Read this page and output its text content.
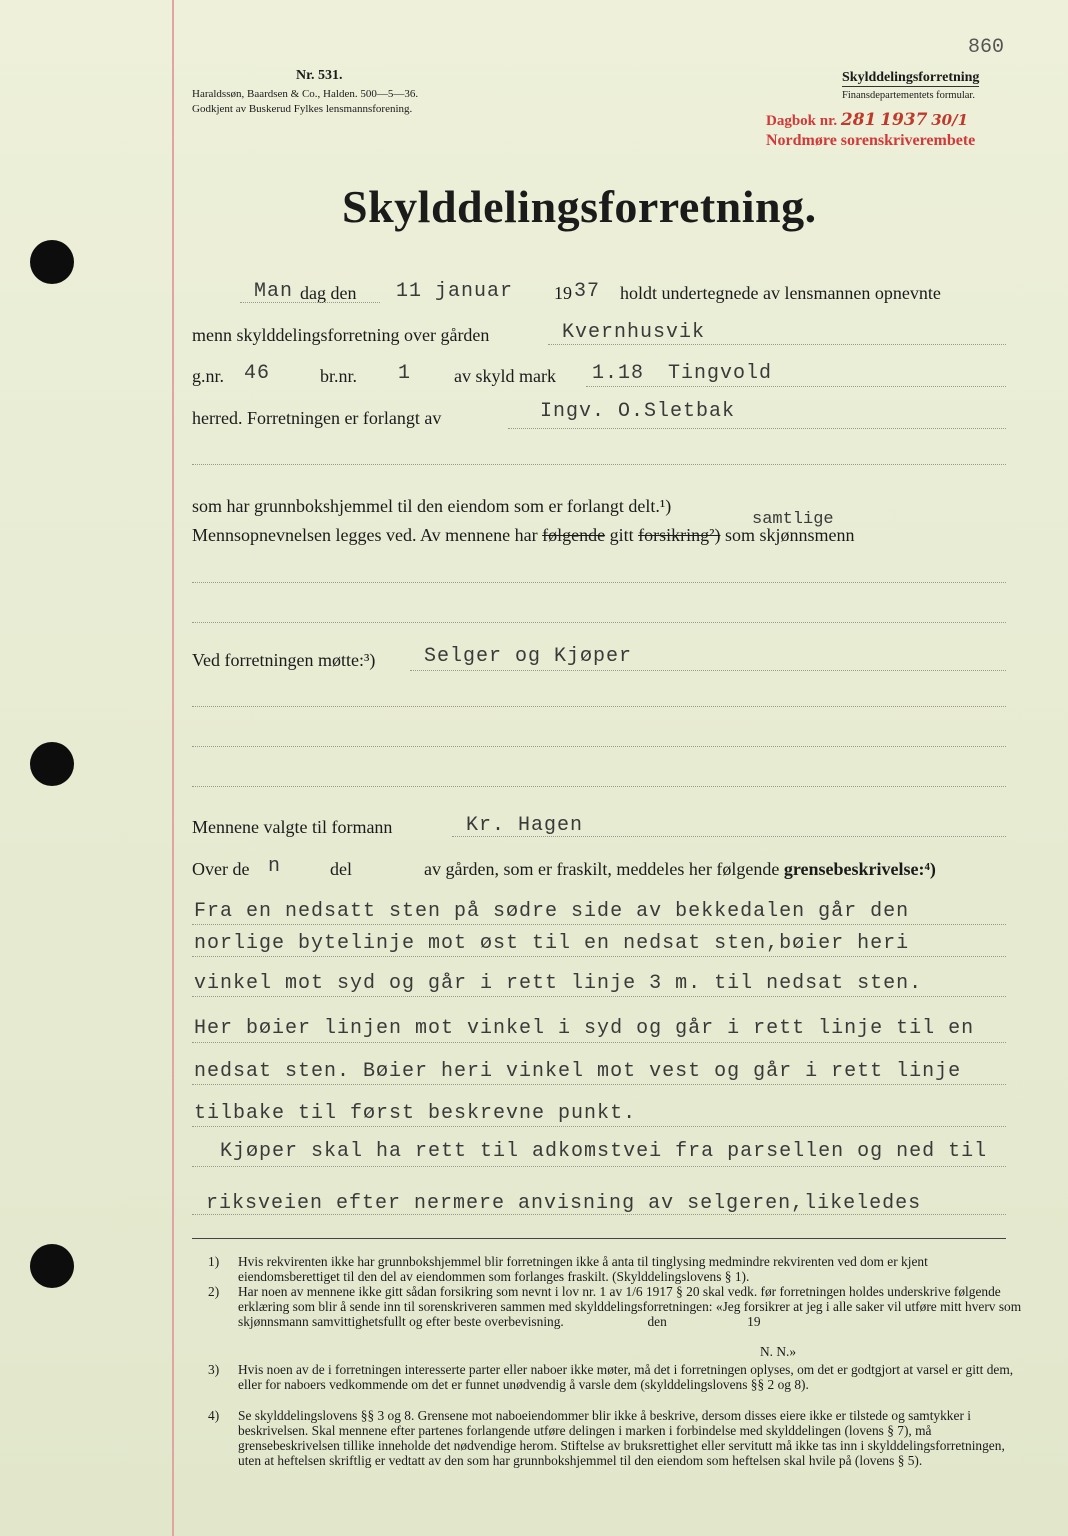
860
Nr. 531.
Haraldssøn, Baardsen & Co., Halden. 500—5—36.
Godkjent av Buskerud Fylkes lensmannsforening.
Skylddelingsforretning
Finansdepartementets formular.
Dagbok nr. 281 1937 30/1
Nordmøre sorenskriverembete
Skylddelingsforretning.
Man dag den 11 januar 19 37 holdt undertegnede av lensmannen opnevnte
menn skylddelingsforretning over gården	Kvernhusvik
g.nr. 46	br.nr. 1 av skyld mark 1.18 Tingvold
herred. Forretningen er forlangt av	Ingv. O.Sletbak
som har grunnbokshjemmel til den eiendom som er forlangt delt.¹)
samtlige
Mennsopnevnelsen legges ved. Av mennene har følgende gitt forsikring²) som skjønnsmenn
Ved forretningen møtte:³) Selger og Kjøper
Mennene valgte til formann	Kr. Hagen
Over de n	del	av gården, som er fraskilt, meddeles her følgende grensebeskrivelse:⁴)
Fra en nedsatt sten på sødre side av bekkedalen går den
norlige bytelinje mot øst til en nedsat sten,bøier heri
vinkel mot syd og går i rett linje 3 m. til nedsat sten.
Her bøier linjen mot vinkel i syd og går i rett linje til en
nedsat sten. Bøier heri vinkel mot vest og går i rett linje
tilbake til først beskrevne punkt.
Kjøper skal ha rett til adkomstvei fra parsellen og ned til
riksveien efter nermere anvisning av selgeren,likeledes
1) Hvis rekvirenten ikke har grunnbokshjemmel blir forretningen ikke å anta til tinglysing medmindre rekvirenten ved dom er kjent eiendomsberettiget til den del av eiendommen som forlanges fraskilt. (Skylddelingslovens § 1).
2) Har noen av mennene ikke gitt sådan forsikring som nevnt i lov nr. 1 av 1/6 1917 § 20 skal vedk. før forretningen holdes underskrive følgende erklæring som blir å sende inn til sorenskriveren sammen med skylddelingsforretningen: «Jeg forsikrer at jeg i alle saker vil utføre mitt hverv som skjønnsmann samvittighetsfullt og efter beste overbevisning.                         den                        19
N. N.»
3) Hvis noen av de i forretningen interesserte parter eller naboer ikke møter, må det i forretningen oplyses, om det er godtgjort at varsel er gitt dem, eller for naboers vedkommende om det er funnet unødvendig å varsle dem (skylddelingslovens §§ 2 og 8).
4) Se skylddelingslovens §§ 3 og 8. Grensene mot naboeiendommer blir ikke å beskrive, dersom disses eiere ikke er tilstede og samtykker i beskrivelsen. Skal mennene efter partenes forlangende utføre delingen i marken i forbindelse med skylddelingen (lovens § 7), må grensebeskrivelsen tillike inneholde det nødvendige herom. Stiftelse av bruksrettighet eller servitutt må ikke tas inn i skylddelingsforretningen, uten at heftelsen skriftlig er vedtatt av den som har grunnbokshjemmel til den eiendom som heftelsen skal hvile på (lovens § 5).
